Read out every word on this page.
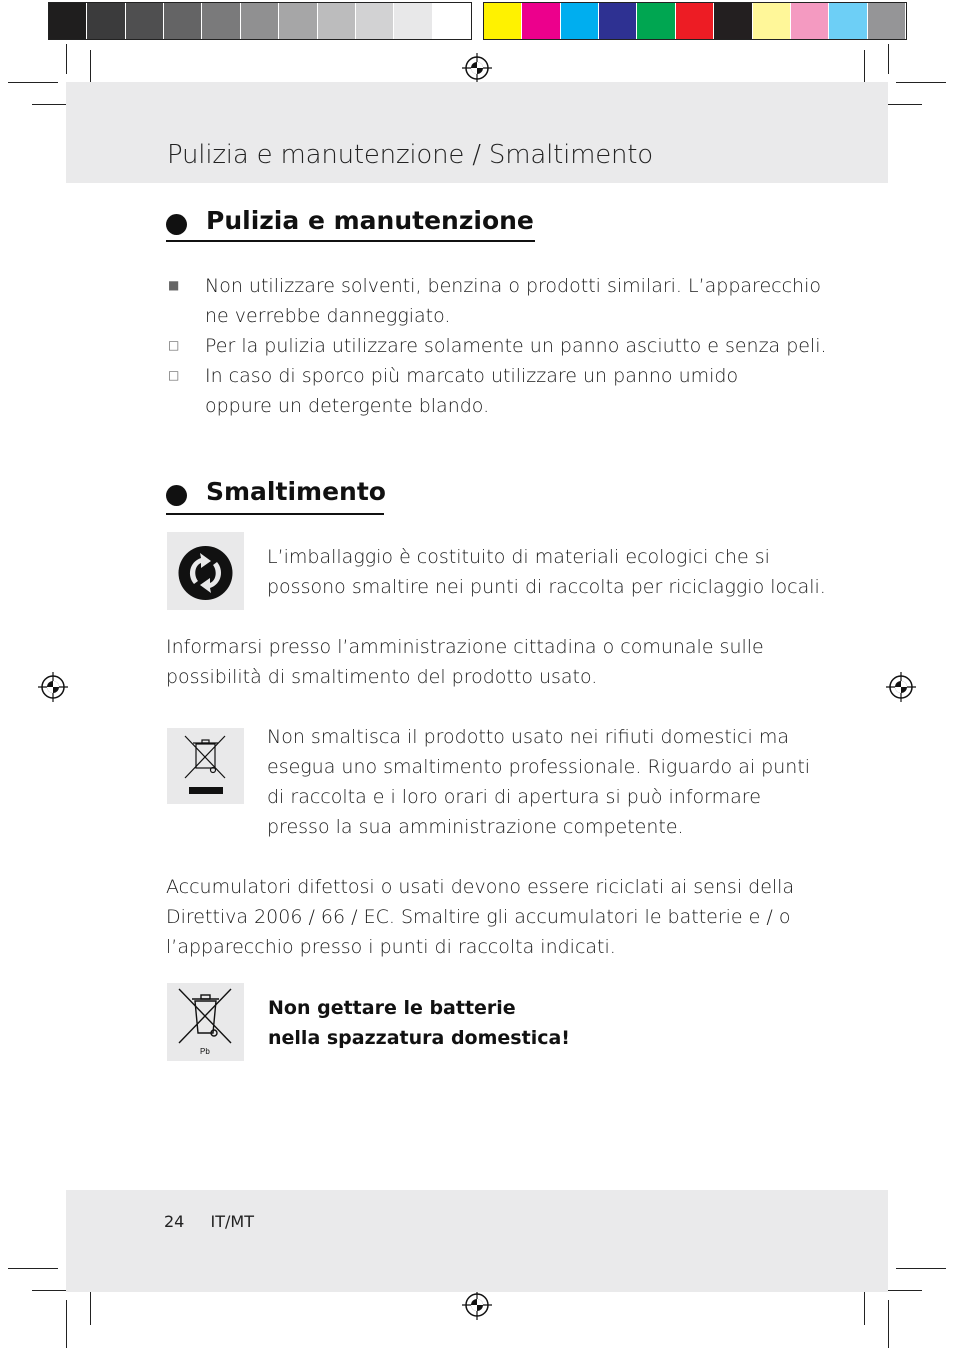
Pulizia e manutenzione / Smaltimento
Pulizia e manutenzione
■ Non utilizzare solventi, benzina o prodotti similari. L’apparecchio
ne verrebbe danneggiato.
□ Per la pulizia utilizzare solamente un panno asciutto e senza peli.
□ In caso di sporco più marcato utilizzare un panno umido
oppure un detergente blando.
Smaltimento
L’imballaggio è costituito di materiali ecologici che si
possono smaltire nei punti di raccolta per riciclaggio locali.
Informarsi presso l’amministrazione cittadina o comunale sulle
possibilità di smaltimento del prodotto usato.
Non smaltisca il prodotto usato nei rifiuti domestici ma
esegua uno smaltimento professionale. Riguardo ai punti
di raccolta e i loro orari di apertura si può informare
presso la sua amministrazione competente.
Accumulatori difettosi o usati devono essere riciclati ai sensi della
Direttiva 2006 / 66 / EC. Smaltire gli accumulatori le batterie e / o
l’apparecchio presso i punti di raccolta indicati.
Pb
Non gettare le batterie
nella spazzatura domestica!
24 IT/MT
